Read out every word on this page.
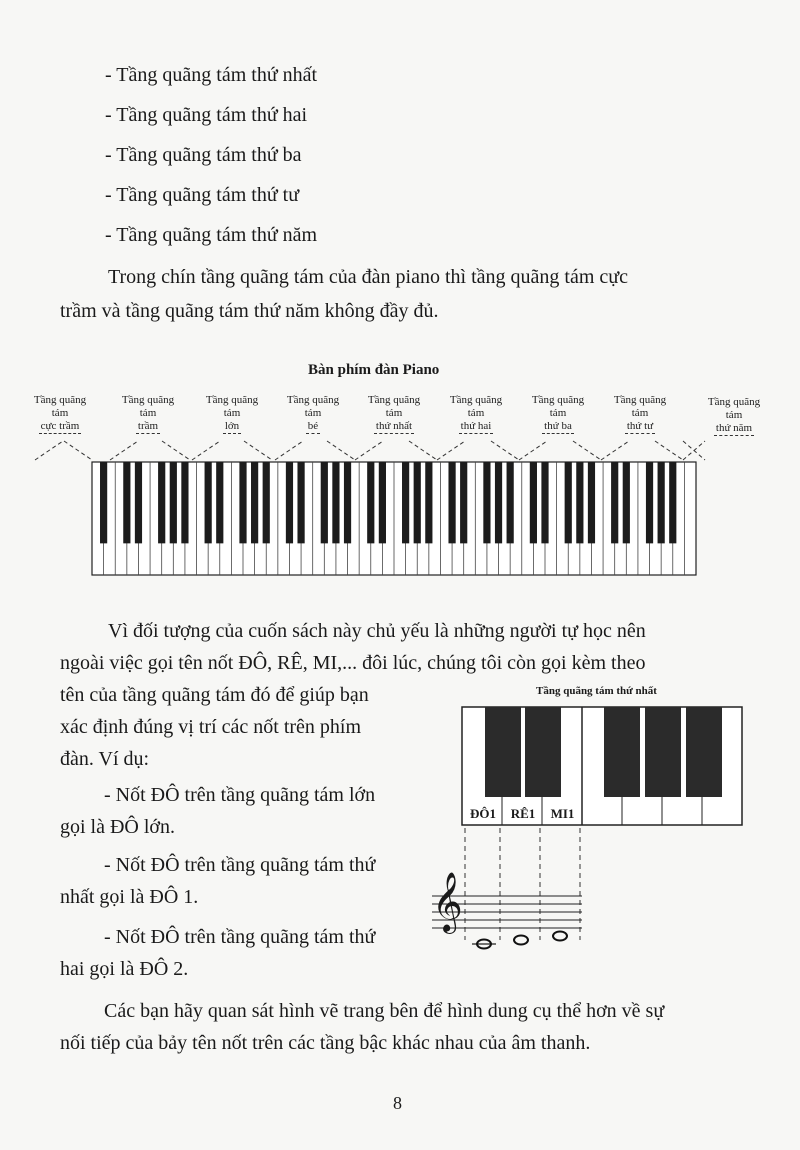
- Tầng quãng tám thứ nhất
- Tầng quãng tám thứ hai
- Tầng quãng tám thứ ba
- Tầng quãng tám thứ tư
- Tầng quãng tám thứ năm
Trong chín tầng quãng tám của đàn piano thì tầng quãng tám cực
trầm và tầng quãng tám thứ năm không đầy đủ.
Bàn phím đàn Piano
Tầng quãng tám
cực trầm
Tầng quãng tám
trầm
Tầng quãng tám
lớn
Tầng quãng tám
bé
Tầng quãng tám
thứ nhất
Tầng quãng tám
thứ hai
Tầng quãng tám
thứ ba
Tầng quãng tám
thứ tư
Tầng quãng tám
thứ năm
Vì đối tượng của cuốn sách này chủ yếu là những người tự học nên
ngoài việc gọi tên nốt ĐÔ, RÊ, MI,... đôi lúc, chúng tôi còn gọi kèm theo
tên của tầng quãng tám đó để giúp bạn
xác định đúng vị trí các nốt trên phím
đàn. Ví dụ:
- Nốt ĐÔ trên tầng quãng tám lớn
gọi là ĐÔ lớn.
- Nốt ĐÔ trên tầng quãng tám thứ
nhất gọi là ĐÔ 1.
- Nốt ĐÔ trên tầng quãng tám thứ
hai gọi là ĐÔ 2.
Tầng quãng tám thứ nhất
ĐÔ1	RÊ1	MI1
𝄞
Các bạn hãy quan sát hình vẽ trang bên để hình dung cụ thể hơn về sự
nối tiếp của bảy tên nốt trên các tầng bậc khác nhau của âm thanh.
8
